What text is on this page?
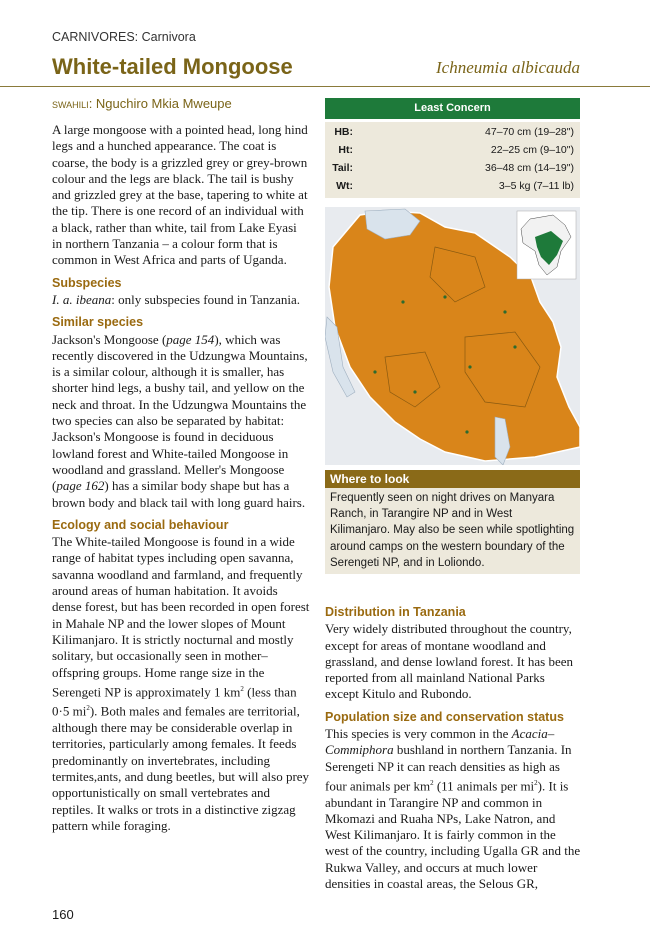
CARNIVORES: Carnivora
White-tailed Mongoose	Ichneumia albicauda
SWAHILI: Nguchiro Mkia Mweupe

A large mongoose with a pointed head, long hind legs and a hunched appearance. The coat is coarse, the body is a grizzled grey or grey-brown colour and the legs are black. The tail is bushy and grizzled grey at the base, tapering to white at the tip. There is one record of an individual with a black, rather than white, tail from Lake Eyasi in northern Tanzania – a colour form that is common in West Africa and parts of Uganda.

Subspecies

I. a. ibeana: only subspecies found in Tanzania.

Similar species

Jackson's Mongoose (page 154), which was recently discovered in the Udzungwa Mountains, is a similar colour, although it is smaller, has shorter hind legs, a bushy tail, and yellow on the neck and throat. In the Udzungwa Mountains the two species can also be separated by habitat: Jackson's Mongoose is found in deciduous lowland forest and White-tailed Mongoose in woodland and grassland. Meller's Mongoose (page 162) has a similar body shape but has a brown body and black tail with long guard hairs.

Ecology and social behaviour

The White-tailed Mongoose is found in a wide range of habitat types including open savanna, savanna woodland and farmland, and frequently around areas of human habitation. It avoids dense forest, but has been recorded in open forest in Mahale NP and the lower slopes of Mount Kilimanjaro. It is strictly nocturnal and mostly solitary, but occasionally seen in mother–offspring groups. Home range size in the Serengeti NP is approximately 1 $km^2$ (less than 0·5 $mi^2$). Both males and females are territorial, although there may be considerable overlap in territories, particularly among females. It feeds predominantly on invertebrates, including termites,ants, and dung beetles, but will also prey opportunistically on small vertebrates and reptiles. It walks or trots in a distinctive zigzag pattern while foraging.

Least Concern
HB:	47–70 cm (19–28")
Ht:	22–25 cm (9–10")
Tail:	36–48 cm (14–19")
Wt:	3–5 kg (7–11 lb)
Where to look
Frequently seen on night drives on Manyara Ranch, in Tarangire NP and in West Kilimanjaro. May also be seen while spotlighting around camps on the western boundary of the Serengeti NP, and in Loliondo.
Distribution in Tanzania

Very widely distributed throughout the country, except for areas of montane woodland and grassland, and dense lowland forest. It has been reported from all mainland National Parks except Kitulo and Rubondo.

Population size and conservation status

This species is very common in the Acacia–Commiphora bushland in northern Tanzania. In Serengeti NP it can reach densities as high as four animals per $km^2$ (11 animals per $mi^2$). It is abundant in Tarangire NP and common in Mkomazi and Ruaha NPs, Lake Natron, and West Kilimanjaro. It is fairly common in the west of the country, including Ugalla GR and the Rukwa Valley, and occurs at much lower densities in coastal areas, the Selous GR,

160
